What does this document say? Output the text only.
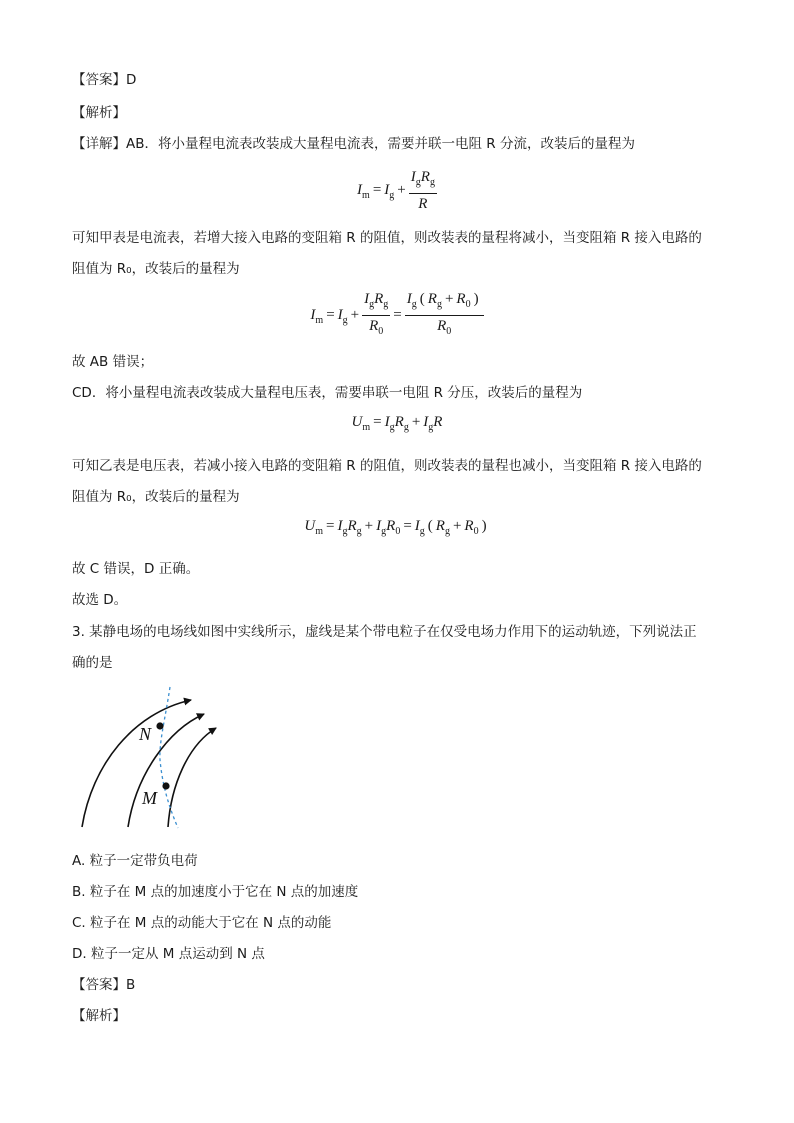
【答案】D
【解析】
【详解】AB．将小量程电流表改装成大量程电流表，需要并联一电阻 R 分流，改装后的量程为
$I_m = I_g + \frac{I_gR_g}{R}$
可知甲表是电流表，若增大接入电路的变阻箱 R 的阻值，则改装表的量程将减小，当变阻箱 R 接入电路的
阻值为 R₀，改装后的量程为
$I_m = I_g + \frac{I_gR_g}{R_0} = \frac{I_g ( R_g + R_0 )}{R_0}$
故 AB 错误；
CD．将小量程电流表改装成大量程电压表，需要串联一电阻 R 分压，改装后的量程为
$U_m = I_gR_g + I_gR$
可知乙表是电压表，若减小接入电路的变阻箱 R 的阻值，则改装表的量程也减小，当变阻箱 R 接入电路的
阻值为 R₀，改装后的量程为
$U_m = I_gR_g + I_gR_0 = I_g$ ( $R_g + R_0$ )
故 C 错误，D 正确。
故选 D。
3. 某静电场的电场线如图中实线所示，虚线是某个带电粒子在仅受电场力作用下的运动轨迹，下列说法正
确的是
N
M
A. 粒子一定带负电荷
B. 粒子在 M 点的加速度小于它在 N 点的加速度
C. 粒子在 M 点的动能大于它在 N 点的动能
D. 粒子一定从 M 点运动到 N 点
【答案】B
【解析】
